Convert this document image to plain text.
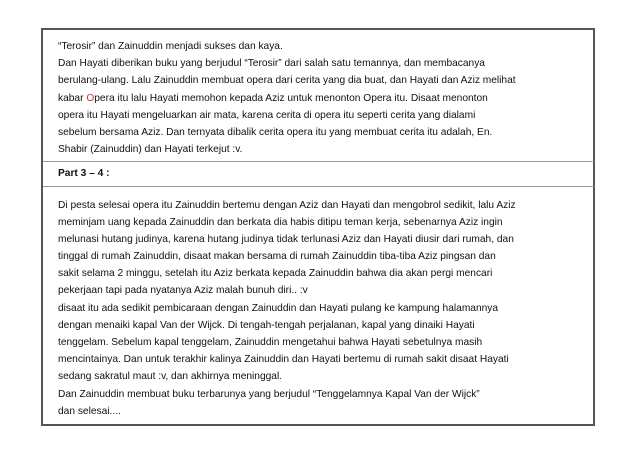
“Terosir” dan Zainuddin menjadi sukses dan kaya.
Dan Hayati diberikan buku yang berjudul “Terosir” dari salah satu temannya, dan membacanya
berulang-ulang. Lalu Zainuddin membuat opera dari cerita yang dia buat, dan Hayati dan Aziz melihat
kabar Opera itu lalu Hayati memohon kepada Aziz untuk menonton Opera itu. Disaat menonton
opera itu Hayati mengeluarkan air mata, karena cerita di opera itu seperti cerita yang dialami
sebelum bersama Aziz. Dan ternyata dibalik cerita opera itu yang membuat cerita itu adalah, En.
Shabir (Zainuddin) dan Hayati terkejut :v.
Part 3 – 4 :
Di pesta selesai opera itu Zainuddin bertemu dengan Aziz dan Hayati dan mengobrol sedikit, lalu Aziz
meminjam uang kepada Zainuddin dan berkata dia habis ditipu teman kerja, sebenarnya Aziz ingin
melunasi hutang judinya, karena hutang judinya tidak terlunasi Aziz dan Hayati diusir dari rumah, dan
tinggal di rumah Zainuddin, disaat makan bersama di rumah Zainuddin tiba-tiba Aziz pingsan dan
sakit selama 2 minggu, setelah itu Aziz berkata kepada Zainuddin bahwa dia akan pergi mencari
pekerjaan tapi pada nyatanya Aziz malah bunuh diri.. :v
disaat itu ada sedikit pembicaraan dengan Zainuddin dan Hayati pulang ke kampung halamannya
dengan menaiki kapal Van der Wijck. Di tengah-tengah perjalanan, kapal yang dinaiki Hayati
tenggelam. Sebelum kapal tenggelam, Zainuddin mengetahui bahwa Hayati sebetulnya masih
mencintainya. Dan untuk terakhir kalinya Zainuddin dan Hayati bertemu di rumah sakit disaat Hayati
sedang sakratul maut :v, dan akhirnya meninggal.
Dan Zainuddin membuat buku terbarunya yang berjudul “Tenggelamnya Kapal Van der Wijck”
dan selesai....
